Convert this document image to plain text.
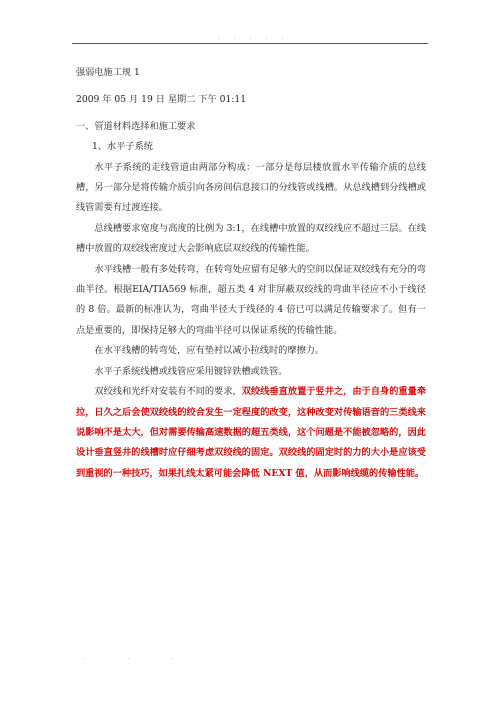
. . . . .

强弱电施工规 1

2009 年 05 月 19 日 星期二 下午 01:11

一、管道材料选择和施工要求

1、水平子系统

水平子系统的走线管道由两部分构成：一部分是每层楼放置水平传输介质的总线槽，另一部分是将传输介质引向各房间信息接口的分线管或线槽。从总线槽到分线槽或线管需要有过渡连接。

总线槽要求宽度与高度的比例为 3:1，在线槽中放置的双绞线应不超过三层。在线槽中放置的双绞线密度过大会影响底层双绞线的传输性能。

水平线槽一般有多处转弯，在转弯处应留有足够大的空间以保证双绞线有充分的弯曲半径。根据EIA/TIA569 标准，超五类 4 对非屏蔽双绞线的弯曲半径应不小于线径的 8 倍。最新的标准认为，弯曲半径大于线径的 4 倍已可以满足传输要求了。但有一点是重要的，即保持足够大的弯曲半径可以保证系统的传输性能。

在水平线槽的转弯处，应有垫衬以减小拉线时的摩擦力。

水平子系统线槽或线管应采用镀锌铁槽或铁管。

双绞线和光纤对安装有不同的要求，双绞线垂直放置于竖井之，由于自身的重量牵拉，日久之后会使双绞线的绞合发生一定程度的改变，这种改变对传输语音的三类线来说影响不是太大，但对需要传输高速数据的超五类线，这个问题是不能被忽略的，因此设计垂直竖井的线槽时应仔细考虑双绞线的固定。双绞线的固定时的力的大小是应该受到重视的一种技巧，如果扎线太紧可能会降低 NEXT 值，从而影响线缆的传输性能。

. . .
